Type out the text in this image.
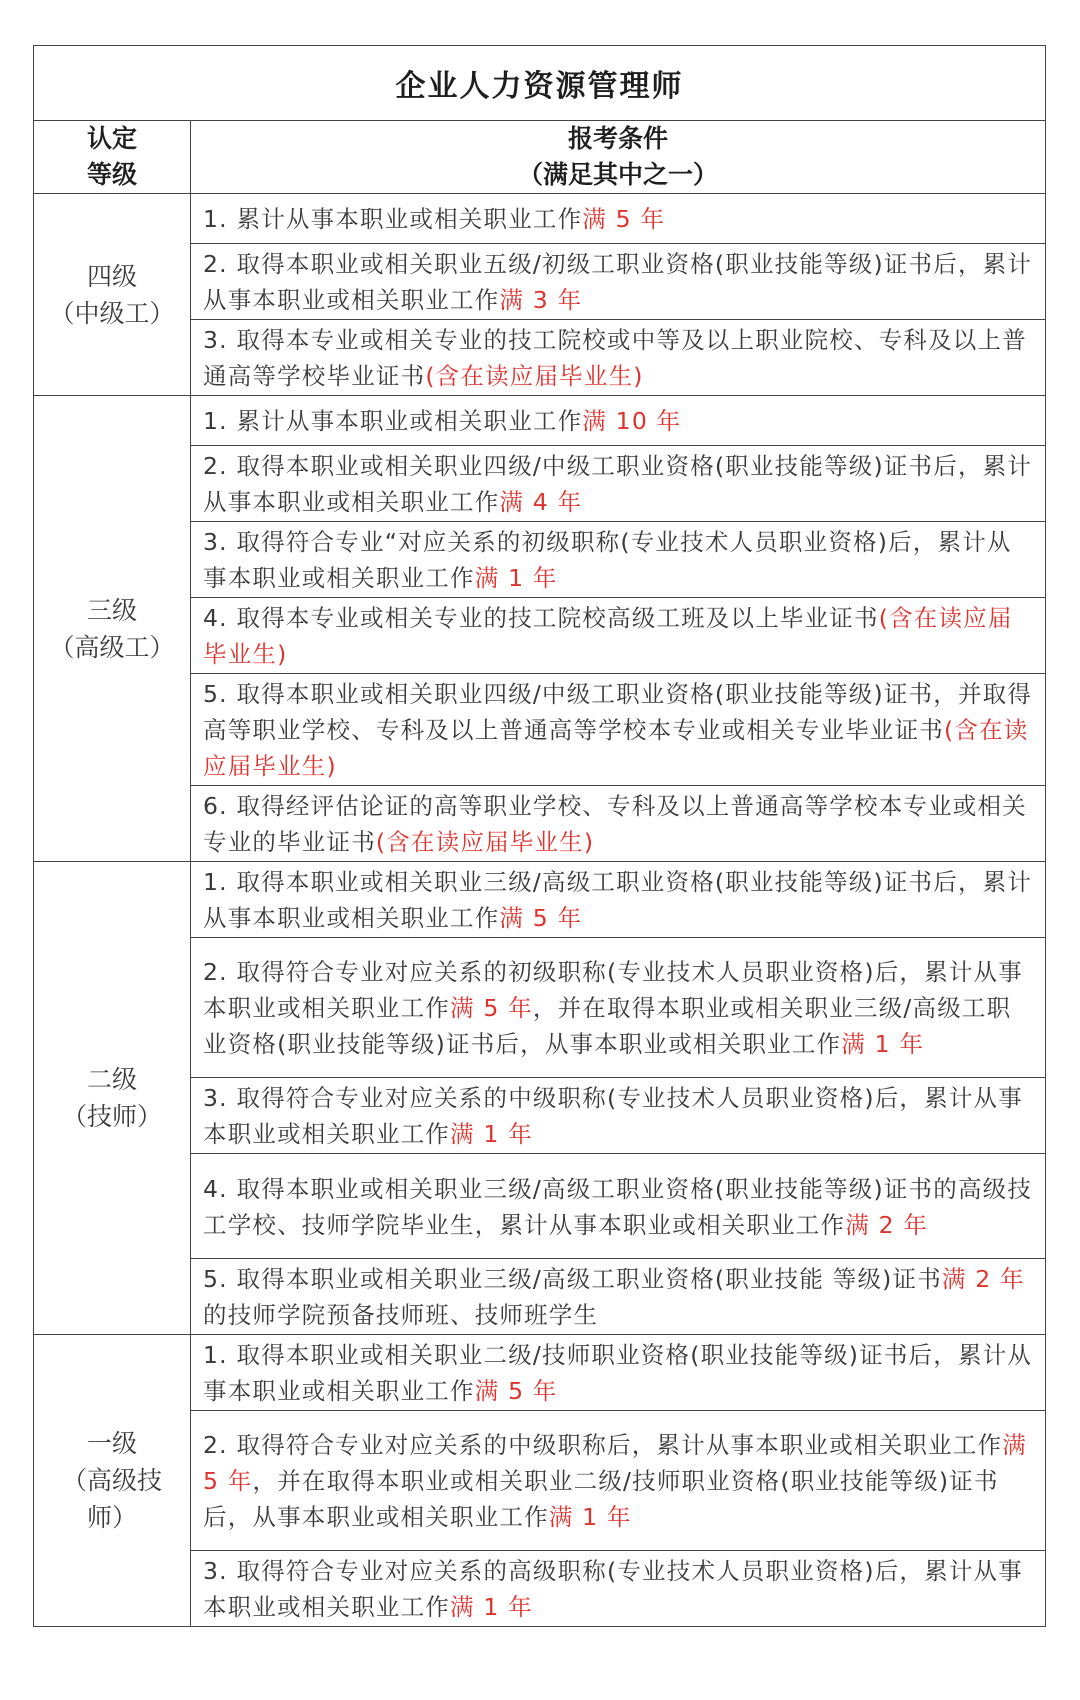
企业人力资源管理师	

认定
等级	报考条件
（满足其中之一）

四级
（中级工）	1. 累计从事本职业或相关职业工作满 5 年
	2. 取得本职业或相关职业五级/初级工职业资格(职业技能等级)证书后，累计从事本职业或相关职业工作满 3 年
	3. 取得本专业或相关专业的技工院校或中等及以上职业院校、专科及以上普通高等学校毕业证书(含在读应届毕业生)

三级
（高级工）	1. 累计从事本职业或相关职业工作满 10 年
	2. 取得本职业或相关职业四级/中级工职业资格(职业技能等级)证书后，累计从事本职业或相关职业工作满 4 年
	3. 取得符合专业“对应关系的初级职称(专业技术人员职业资格)后，累计从事本职业或相关职业工作满 1 年
	4. 取得本专业或相关专业的技工院校高级工班及以上毕业证书(含在读应届毕业生)
	5. 取得本职业或相关职业四级/中级工职业资格(职业技能等级)证书，并取得高等职业学校、专科及以上普通高等学校本专业或相关专业毕业证书(含在读应届毕业生)
	6. 取得经评估论证的高等职业学校、专科及以上普通高等学校本专业或相关专业的毕业证书(含在读应届毕业生)

二级
（技师）	1. 取得本职业或相关职业三级/高级工职业资格(职业技能等级)证书后，累计从事本职业或相关职业工作满 5 年
	2. 取得符合专业对应关系的初级职称(专业技术人员职业资格)后，累计从事本职业或相关职业工作满 5 年，并在取得本职业或相关职业三级/高级工职业资格(职业技能等级)证书后，从事本职业或相关职业工作满 1 年
	3. 取得符合专业对应关系的中级职称(专业技术人员职业资格)后，累计从事本职业或相关职业工作满 1 年
	4. 取得本职业或相关职业三级/高级工职业资格(职业技能等级)证书的高级技工学校、技师学院毕业生，累计从事本职业或相关职业工作满 2 年
	5. 取得本职业或相关职业三级/高级工职业资格(职业技能 等级)证书满 2 年的技师学院预备技师班、技师班学生

一级
（高级技
师）	1. 取得本职业或相关职业二级/技师职业资格(职业技能等级)证书后，累计从事本职业或相关职业工作满 5 年
	2. 取得符合专业对应关系的中级职称后，累计从事本职业或相关职业工作满 5 年，并在取得本职业或相关职业二级/技师职业资格(职业技能等级)证书后，从事本职业或相关职业工作满 1 年
	3. 取得符合专业对应关系的高级职称(专业技术人员职业资格)后，累计从事本职业或相关职业工作满 1 年
